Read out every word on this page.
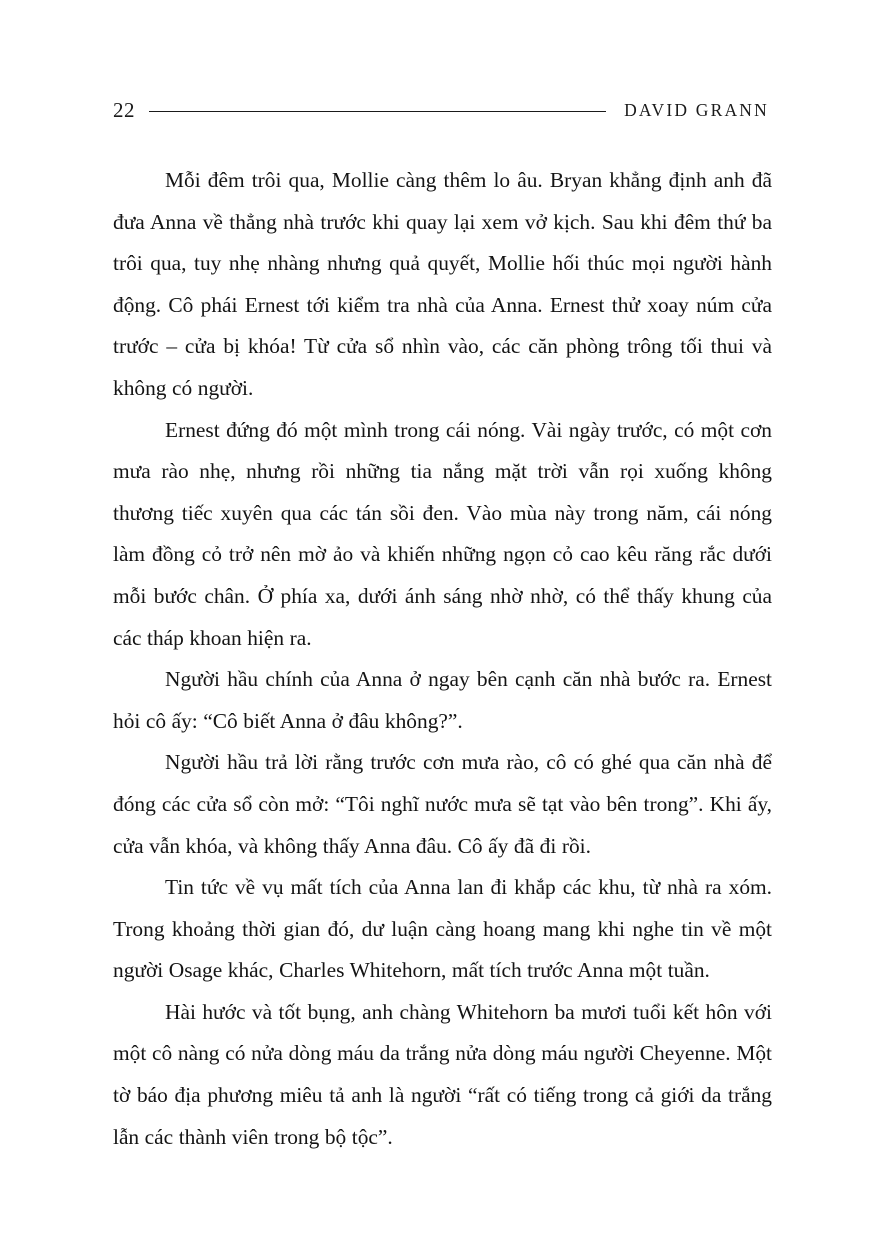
22	DAVID GRANN

Mỗi đêm trôi qua, Mollie càng thêm lo âu. Bryan khẳng định anh đã đưa Anna về thẳng nhà trước khi quay lại xem vở kịch. Sau khi đêm thứ ba trôi qua, tuy nhẹ nhàng nhưng quả quyết, Mollie hối thúc mọi người hành động. Cô phái Ernest tới kiểm tra nhà của Anna. Ernest thử xoay núm cửa trước – cửa bị khóa! Từ cửa sổ nhìn vào, các căn phòng trông tối thui và không có người.

Ernest đứng đó một mình trong cái nóng. Vài ngày trước, có một cơn mưa rào nhẹ, nhưng rồi những tia nắng mặt trời vẫn rọi xuống không thương tiếc xuyên qua các tán sồi đen. Vào mùa này trong năm, cái nóng làm đồng cỏ trở nên mờ ảo và khiến những ngọn cỏ cao kêu răng rắc dưới mỗi bước chân. Ở phía xa, dưới ánh sáng nhờ nhờ, có thể thấy khung của các tháp khoan hiện ra.

Người hầu chính của Anna ở ngay bên cạnh căn nhà bước ra. Ernest hỏi cô ấy: “Cô biết Anna ở đâu không?”.

Người hầu trả lời rằng trước cơn mưa rào, cô có ghé qua căn nhà để đóng các cửa sổ còn mở: “Tôi nghĩ nước mưa sẽ tạt vào bên trong”. Khi ấy, cửa vẫn khóa, và không thấy Anna đâu. Cô ấy đã đi rồi.

Tin tức về vụ mất tích của Anna lan đi khắp các khu, từ nhà ra xóm. Trong khoảng thời gian đó, dư luận càng hoang mang khi nghe tin về một người Osage khác, Charles Whitehorn, mất tích trước Anna một tuần.

Hài hước và tốt bụng, anh chàng Whitehorn ba mươi tuổi kết hôn với một cô nàng có nửa dòng máu da trắng nửa dòng máu người Cheyenne. Một tờ báo địa phương miêu tả anh là người “rất có tiếng trong cả giới da trắng lẫn các thành viên trong bộ tộc”.
